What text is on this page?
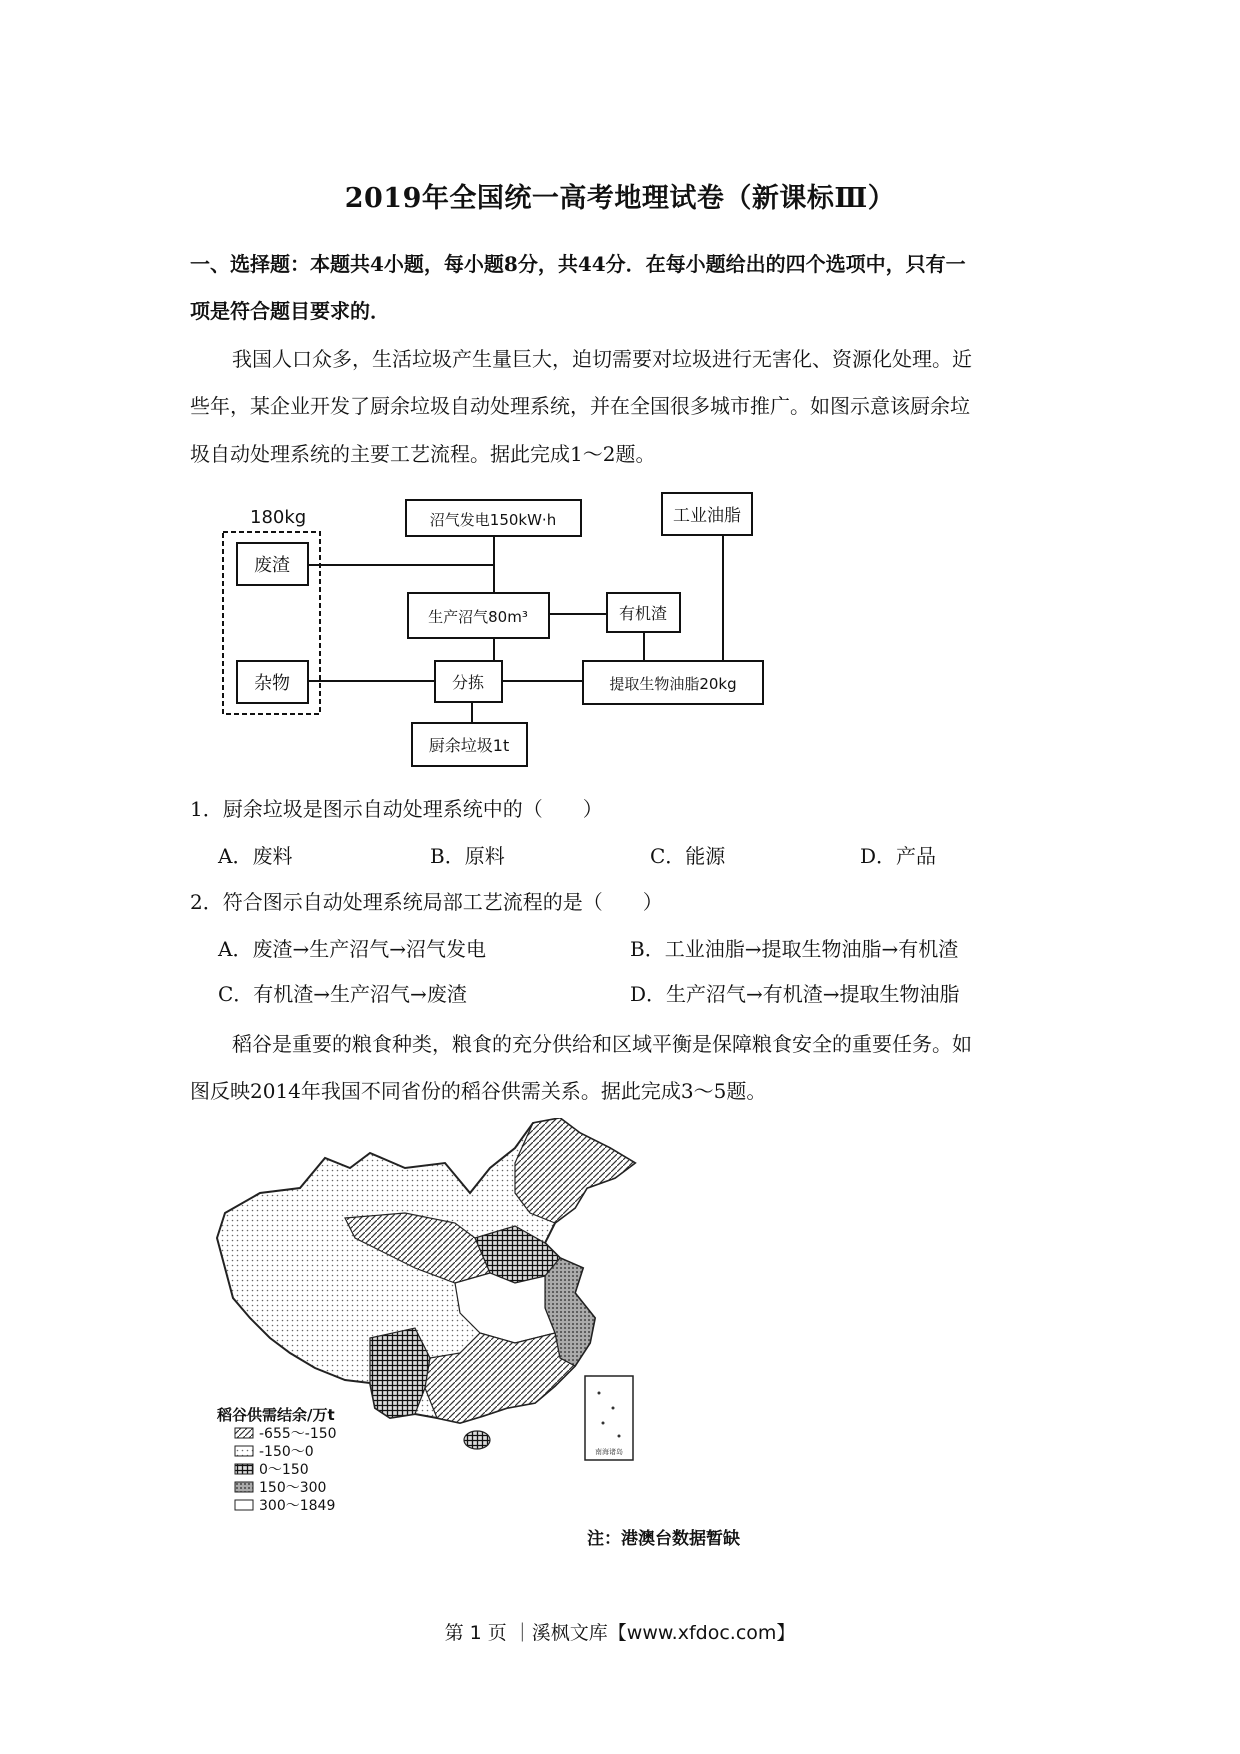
2019年全国统一高考地理试卷（新课标Ⅲ）
一、选择题：本题共4小题，每小题8分，共44分．在每小题给出的四个选项中，只有一
项是符合题目要求的．
我国人口众多，生活垃圾产生量巨大，迫切需要对垃圾进行无害化、资源化处理。近
些年，某企业开发了厨余垃圾自动处理系统，并在全国很多城市推广。如图示意该厨余垃
圾自动处理系统的主要工艺流程。据此完成1～2题。
180kg
废渣
杂物
沼气发电150kW·h
生产沼气80m³	有机渣
分拣	提取生物油脂20kg
厨余垃圾1t
工业油脂
1．厨余垃圾是图示自动处理系统中的（　　）
A．废料	B．原料	C．能源	D．产品
2．符合图示自动处理系统局部工艺流程的是（　　）
A．废渣→生产沼气→沼气发电	B．工业油脂→提取生物油脂→有机渣
C．有机渣→生产沼气→废渣	D．生产沼气→有机渣→提取生物油脂
稻谷是重要的粮食种类，粮食的充分供给和区域平衡是保障粮食安全的重要任务。如
图反映2014年我国不同省份的稻谷供需关系。据此完成3～5题。
南海诸岛
稻谷供需结余/万t
-655～-150
-150～0
0～150
150～300
300～1849
注：港澳台数据暂缺
第 1 页 ｜溪枫文库【www.xfdoc.com】
